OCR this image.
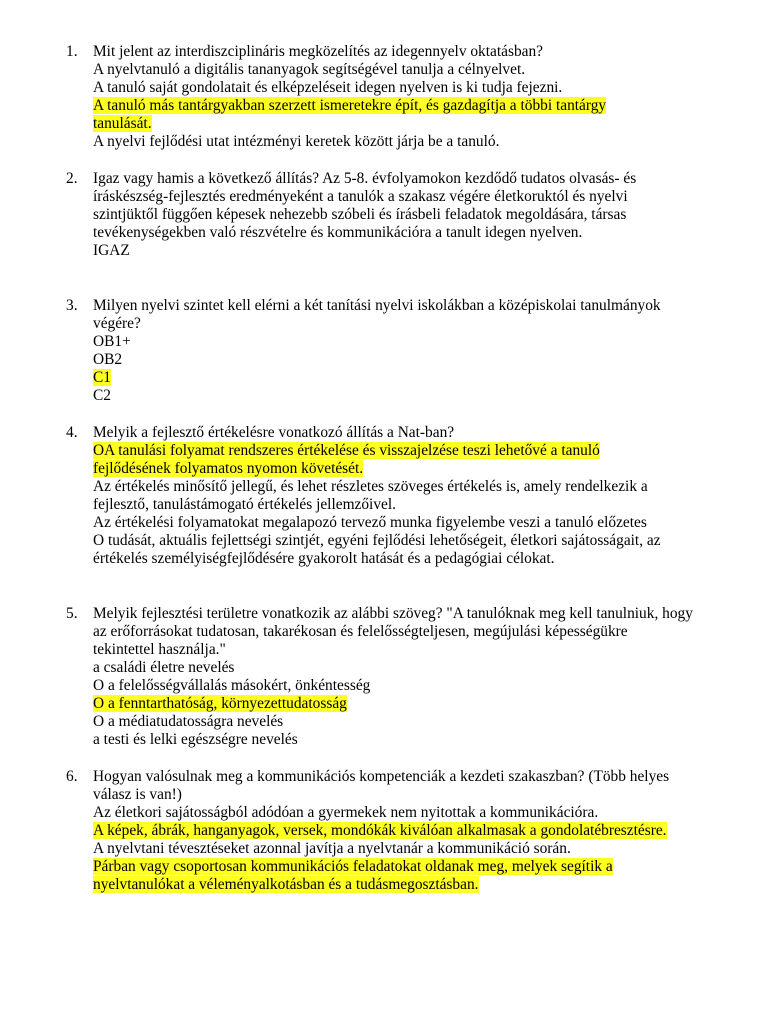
1.	Mit jelent az interdiszciplináris megközelítés az idegennyelv oktatásban?
A nyelvtanuló a digitális tananyagok segítségével tanulja a célnyelvet.
A tanuló saját gondolatait és elképzeléseit idegen nyelven is ki tudja fejezni.
A tanuló más tantárgyakban szerzett ismeretekre épít, és gazdagítja a többi tantárgy
tanulását.
A nyelvi fejlődési utat intézményi keretek között járja be a tanuló.
2.	Igaz vagy hamis a következő állítás? Az 5-8. évfolyamokon kezdődő tudatos olvasás- és
íráskészség-fejlesztés eredményeként a tanulók a szakasz végére életkoruktól és nyelvi
szintjüktől függően képesek nehezebb szóbeli és írásbeli feladatok megoldására, társas
tevékenységekben való részvételre és kommunikációra a tanult idegen nyelven.
IGAZ
3.	Milyen nyelvi szintet kell elérni a két tanítási nyelvi iskolákban a középiskolai tanulmányok
végére?
OB1+
OB2
C1
C2
4.	Melyik a fejlesztő értékelésre vonatkozó állítás a Nat-ban?
OA tanulási folyamat rendszeres értékelése és visszajelzése teszi lehetővé a tanuló
fejlődésének folyamatos nyomon követését.
Az értékelés minősítő jellegű, és lehet részletes szöveges értékelés is, amely rendelkezik a
fejlesztő, tanulástámogató értékelés jellemzőivel.
Az értékelési folyamatokat megalapozó tervező munka figyelembe veszi a tanuló előzetes
O tudását, aktuális fejlettségi szintjét, egyéni fejlődési lehetőségeit, életkori sajátosságait, az
értékelés személyiségfejlődésére gyakorolt hatását és a pedagógiai célokat.
5.	Melyik fejlesztési területre vonatkozik az alábbi szöveg? "A tanulóknak meg kell tanulniuk, hogy
az erőforrásokat tudatosan, takarékosan és felelősségteljesen, megújulási képességükre
tekintettel használja."
a családi életre nevelés
O a felelősségvállalás másokért, önkéntesség
O a fenntarthatóság, környezettudatosság
O a médiatudatosságra nevelés
a testi és lelki egészségre nevelés
6.	Hogyan valósulnak meg a kommunikációs kompetenciák a kezdeti szakaszban? (Több helyes
válasz is van!)
Az életkori sajátosságból adódóan a gyermekek nem nyitottak a kommunikációra.
A képek, ábrák, hanganyagok, versek, mondókák kiválóan alkalmasak a gondolatébresztésre.
A nyelvtani tévesztéseket azonnal javítja a nyelvtanár a kommunikáció során.
Párban vagy csoportosan kommunikációs feladatokat oldanak meg, melyek segítik a
nyelvtanulókat a véleményalkotásban és a tudásmegosztásban.
